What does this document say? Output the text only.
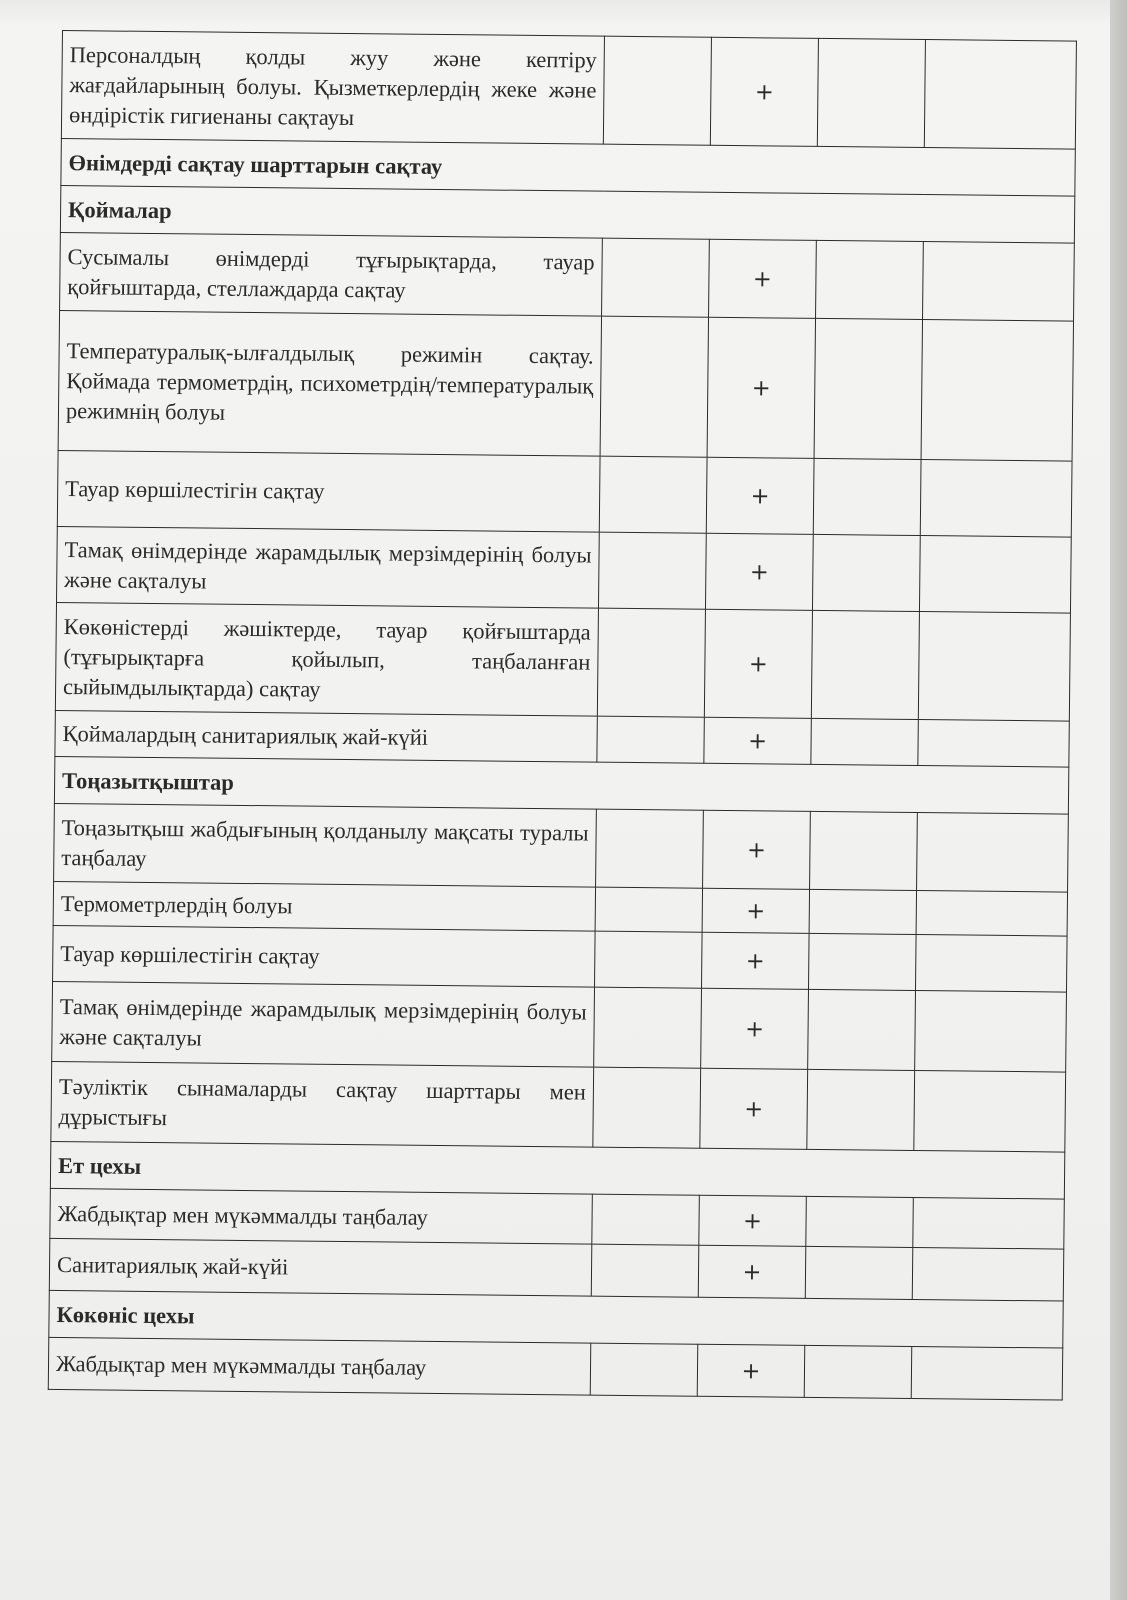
Персоналдың қолды жуу және кептіру жағдайларының болуы. Қызметкерлердің жеке және өндірістік гигиенаны сақтауы		+		
Өнімдерді сақтау шарттарын сақтау				
Қоймалар				
Сусымалы өнімдерді тұғырықтарда, тауар қойғыштарда, стеллаждарда сақтау		+		
Температуралық-ылғалдылық режимін сақтау. Қоймада термометрдің, психометрдің/температуралық режимнің болуы		+		
Тауар көршілестігін сақтау		+		
Тамақ өнімдерінде жарамдылық мерзімдерінің болуы және сақталуы		+		
Көкөністерді жәшіктерде, тауар қойғыштарда (тұғырықтарға қойылып, таңбаланған сыйымдылықтарда) сақтау		+		
Қоймалардың санитариялық жай-күйі		+		
Тоңазытқыштар				
Тоңазытқыш жабдығының қолданылу мақсаты туралы таңбалау		+		
Термометрлердің болуы		+		
Тауар көршілестігін сақтау		+		
Тамақ өнімдерінде жарамдылық мерзімдерінің болуы және сақталуы		+		
Тәуліктік сынамаларды сақтау шарттары мен дұрыстығы		+		
Ет цехы				
Жабдықтар мен мүкәммалды таңбалау		+		
Санитариялық жай-күйі		+		
Көкөніс цехы				
Жабдықтар мен мүкәммалды таңбалау		+		
